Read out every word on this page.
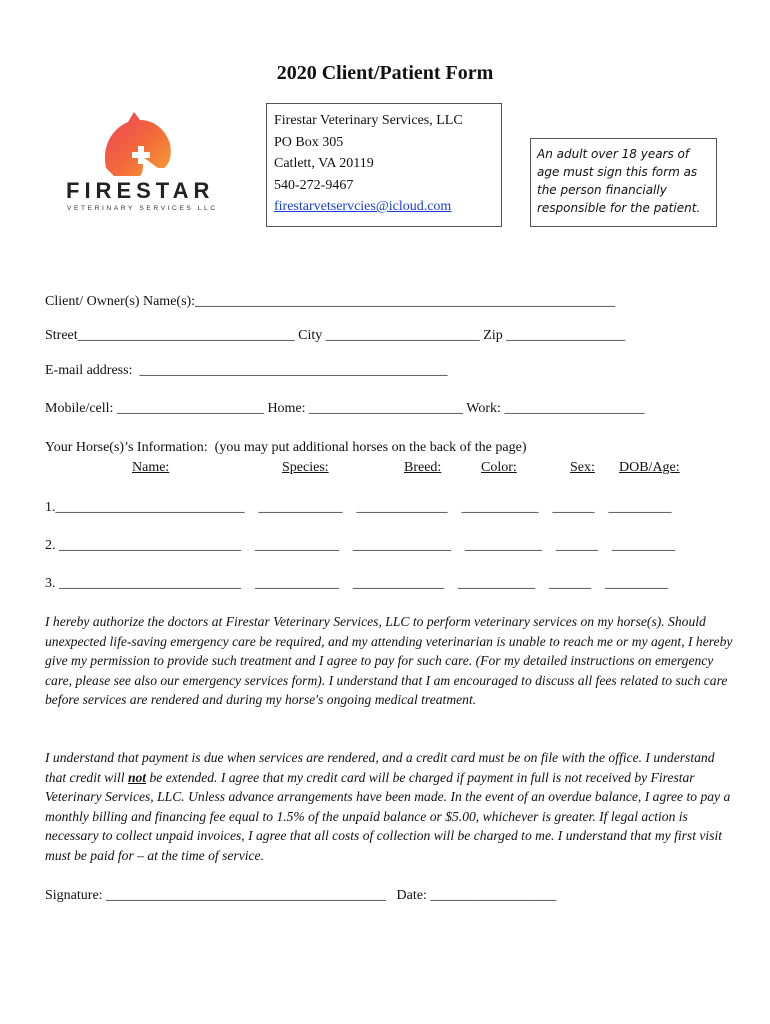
2020 Client/Patient Form
FIRESTAR
VETERINARY SERVICES LLC
Firestar Veterinary Services, LLC
PO Box 305
Catlett, VA 20119
540-272-9467
firestarvetservcies@icloud.com
An adult over 18 years of age must sign this form as the person financially responsible for the patient.
Client/ Owner(s) Name(s):____________________________________________________________
Street_______________________________ City ______________________ Zip _________________
E-mail address:  ____________________________________________
Mobile/cell: _____________________ Home: ______________________ Work: ____________________
Your Horse(s)’s Information:  (you may put additional horses on the back of the page)
Name:	Species:	Breed:	Color:	Sex: DOB/Age:
1.___________________________    ____________    _____________    ___________    ______    _________
2. __________________________    ____________    ______________    ___________    ______    _________
3. __________________________    ____________    _____________    ___________    ______    _________
I hereby authorize the doctors at Firestar Veterinary Services, LLC to perform veterinary services on my horse(s). Should unexpected life-saving emergency care be required, and my attending veterinarian is unable to reach me or my agent, I hereby give my permission to provide such treatment and I agree to pay for such care. (For my detailed instructions on emergency care, please see also our emergency services form). I understand that I am encouraged to discuss all fees related to such care before services are rendered and during my horse's ongoing medical treatment.
I understand that payment is due when services are rendered, and a credit card must be on file with the office. I understand that credit will not be extended. I agree that my credit card will be charged if payment in full is not received by Firestar Veterinary Services, LLC. Unless advance arrangements have been made. In the event of an overdue balance, I agree to pay a monthly billing and financing fee equal to 1.5% of the unpaid balance or $5.00, whichever is greater. If legal action is necessary to collect unpaid invoices, I agree that all costs of collection will be charged to me. I understand that my first visit must be paid for – at the time of service.
Signature: ________________________________________   Date: __________________
